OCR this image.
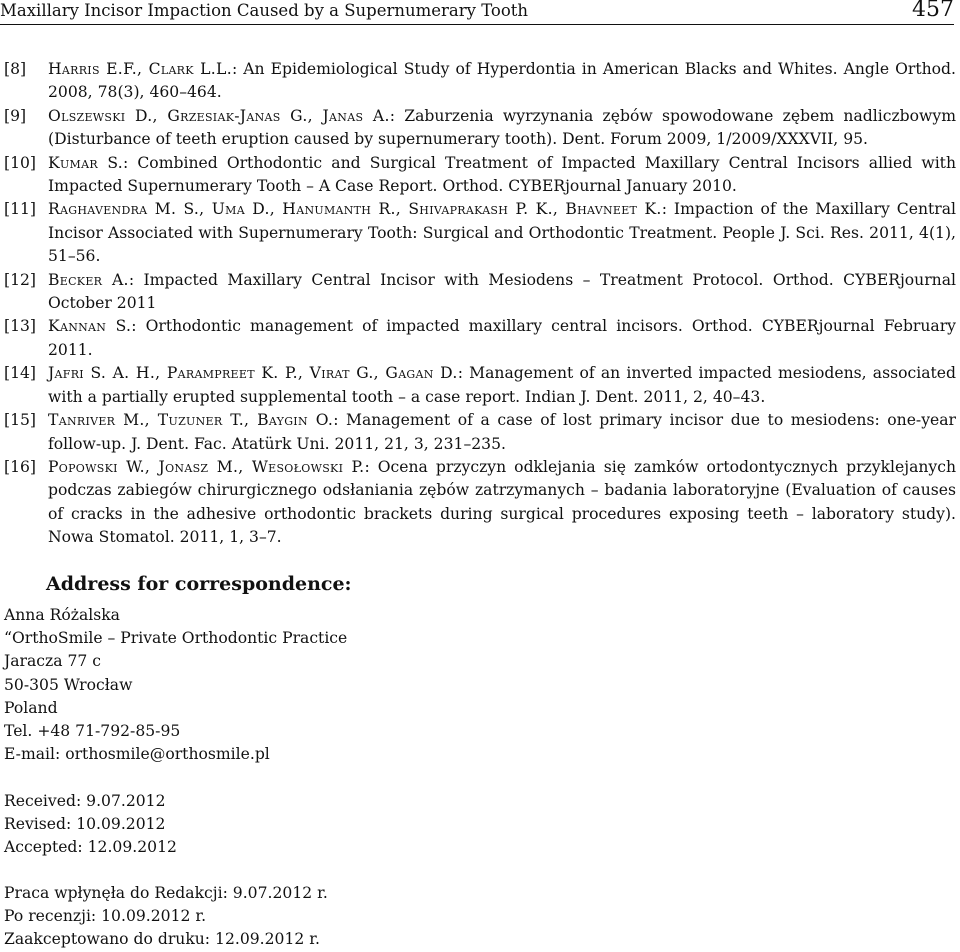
Maxillary Incisor Impaction Caused by a Supernumerary Tooth	457
[8]	Harris E.F., Clark L.L.: An Epidemiological Study of Hyperdontia in American Blacks and Whites. Angle Orthod. 2008, 78(3), 460–464.
[9]	Olszewski D., Grzesiak-Janas G., Janas A.: Zaburzenia wyrzynania zębów spowodowane zębem nadliczbowym (Disturbance of teeth eruption caused by supernumerary tooth). Dent. Forum 2009, 1/2009/XXXVII, 95.
[10] Kumar S.: Combined Orthodontic and Surgical Treatment of Impacted Maxillary Central Incisors allied with Impacted Supernumerary Tooth – A Case Report. Orthod. CYBERjournal January 2010.
[11] Raghavendra M. S., Uma D., Hanumanth R., Shivaprakash P. K., Bhavneet K.: Impaction of the Maxillary Central Incisor Associated with Supernumerary Tooth: Surgical and Orthodontic Treatment. People J. Sci. Res. 2011, 4(1), 51–56.
[12] Becker A.: Impacted Maxillary Central Incisor with Mesiodens – Treatment Protocol. Orthod. CYBERjournal October 2011
[13] Kannan S.: Orthodontic management of impacted maxillary central incisors. Orthod. CYBERjournal February 2011.
[14] Jafri S. A. H., Parampreet K. P., Virat G., Gagan D.: Management of an inverted impacted mesiodens, associated with a partially erupted supplemental tooth – a case report. Indian J. Dent. 2011, 2, 40–43.
[15] Tanriver M., Tuzuner T., Baygin O.: Management of a case of lost primary incisor due to mesiodens: one-year follow-up. J. Dent. Fac. Atatürk Uni. 2011, 21, 3, 231–235.
[16] Popowski W., Jonasz M., Wesołowski P.: Ocena przyczyn odklejania się zamków ortodontycznych przyklejanych podczas zabiegów chirurgicznego odsłaniania zębów zatrzymanych – badania laboratoryjne (Evaluation of causes of cracks in the adhesive orthodontic brackets during surgical procedures exposing teeth – laboratory study). Nowa Stomatol. 2011, 1, 3–7.
Address for correspondence:
Anna Różalska
“OrthoSmile – Private Orthodontic Practice
Jaracza 77 c
50-305 Wrocław
Poland
Tel. +48 71-792-85-95
E-mail: orthosmile@orthosmile.pl
Received: 9.07.2012
Revised: 10.09.2012
Accepted: 12.09.2012
Praca wpłynęła do Redakcji: 9.07.2012 r.
Po recenzji: 10.09.2012 r.
Zaakceptowano do druku: 12.09.2012 r.
